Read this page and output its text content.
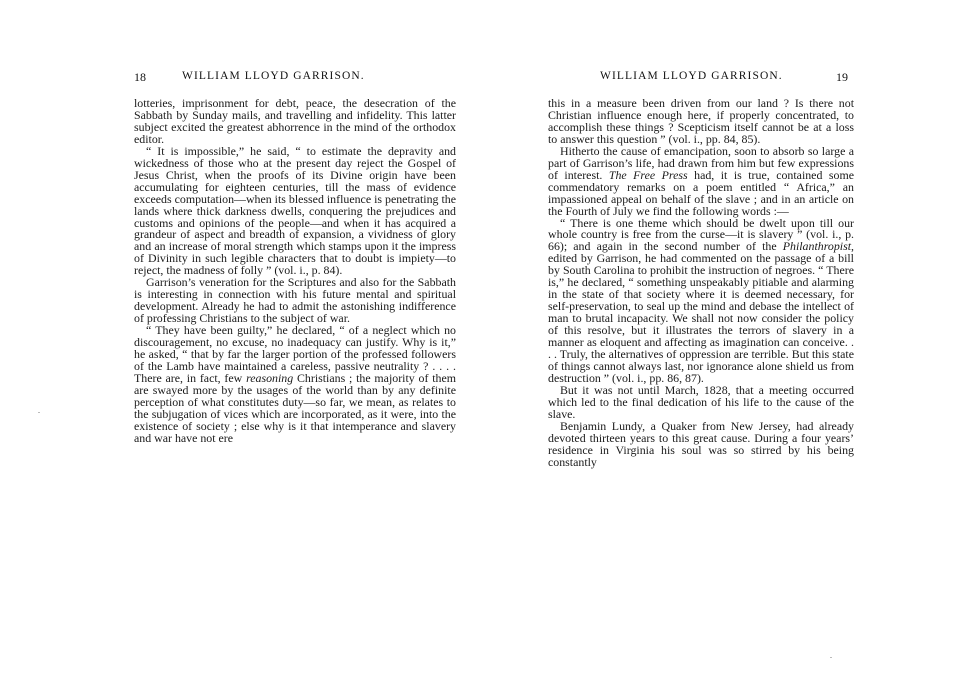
18	WILLIAM LLOYD GARRISON.

lotteries, imprisonment for debt, peace, the desecration of the Sabbath by Sunday mails, and travelling and infidelity. This latter subject excited the greatest abhorrence in the mind of the orthodox editor.

“ It is impossible,” he said, “ to estimate the depravity and wickedness of those who at the present day reject the Gospel of Jesus Christ, when the proofs of its Divine origin have been accumulating for eighteen centuries, till the mass of evidence exceeds computation—when its blessed influence is penetrating the lands where thick darkness dwells, conquering the prejudices and customs and opinions of the people—and when it has acquired a grandeur of aspect and breadth of expansion, a vividness of glory and an increase of moral strength which stamps upon it the impress of Divinity in such legible characters that to doubt is impiety—to reject, the madness of folly ” (vol. i., p. 84).

Garrison’s veneration for the Scriptures and also for the Sabbath is interesting in connection with his future mental and spiritual development. Already he had to admit the astonishing indifference of professing Christians to the subject of war.

“ They have been guilty,” he declared, “ of a neglect which no discouragement, no excuse, no inadequacy can justify. Why is it,” he asked, “ that by far the larger portion of the professed followers of the Lamb have maintained a careless, passive neutrality ? . . . . There are, in fact, few reasoning Christians ; the majority of them are swayed more by the usages of the world than by any definite perception of what constitutes duty—so far, we mean, as relates to the subjugation of vices which are incorporated, as it were, into the existence of society ; else why is it that intemperance and slavery and war have not ere

WILLIAM LLOYD GARRISON.	19

this in a measure been driven from our land ? Is there not Christian influence enough here, if properly concentrated, to accomplish these things ? Scepticism itself cannot be at a loss to answer this question ” (vol. i., pp. 84, 85).

Hitherto the cause of emancipation, soon to absorb so large a part of Garrison’s life, had drawn from him but few expressions of interest. The Free Press had, it is true, contained some commendatory remarks on a poem entitled “ Africa,” an impassioned appeal on behalf of the slave ; and in an article on the Fourth of July we find the following words :—

“ There is one theme which should be dwelt upon till our whole country is free from the curse—it is slavery ” (vol. i., p. 66); and again in the second number of the Philanthropist, edited by Garrison, he had commented on the passage of a bill by South Carolina to prohibit the instruction of negroes. “ There is,” he declared, “ something unspeakably pitiable and alarming in the state of that society where it is deemed necessary, for self-preservation, to seal up the mind and debase the intellect of man to brutal incapacity. We shall not now consider the policy of this resolve, but it illustrates the terrors of slavery in a manner as eloquent and affecting as imagination can conceive. . . . Truly, the alternatives of oppression are terrible. But this state of things cannot always last, nor ignorance alone shield us from destruction ” (vol. i., pp. 86, 87).

But it was not until March, 1828, that a meeting occurred which led to the final dedication of his life to the cause of the slave.

Benjamin Lundy, a Quaker from New Jersey, had already devoted thirteen years to this great cause. During a four years’ residence in Virginia his soul was so stirred by his being constantly
